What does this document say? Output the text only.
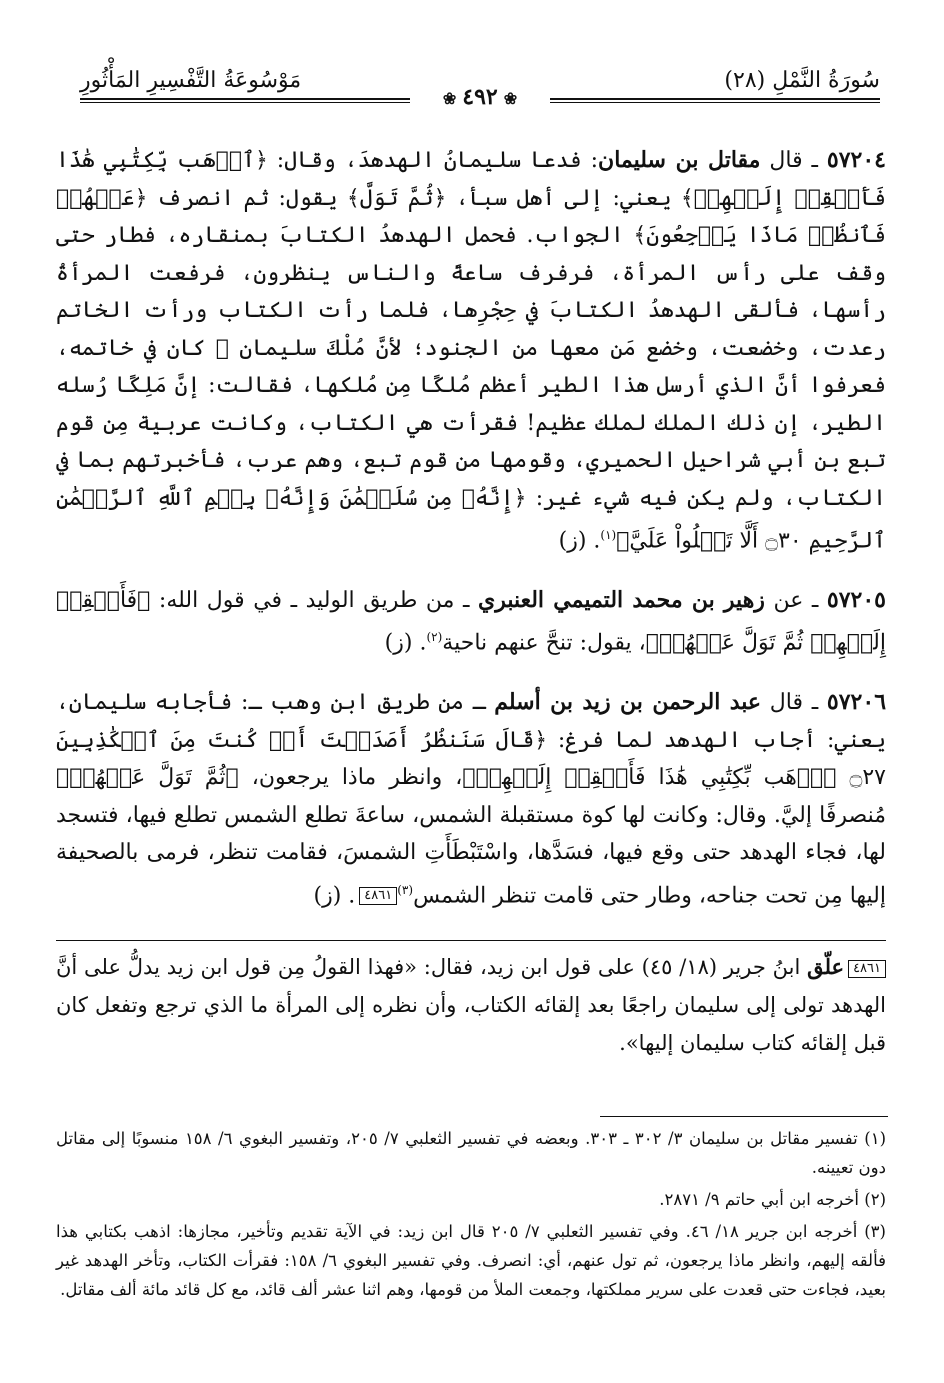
سُورَةُ النَّمْلِ (٢٨)
مَوْسُوعَةُ التَّفْسِيرِ المَأْثُورِ
❀٤٩٢❀

٥٧٢٠٤ ـ قال مقاتل بن سليمان: فدعا سليمانُ الهدهدَ، وقال: ﴿ٱذۡهَب بِّكِتَٰبِي هَٰذَا فَأَلۡقِهۡ إِلَيۡهِمۡ﴾ يعني: إلى أهل سبأ، ﴿ثُمَّ تَوَلَّ﴾ يقول: ثم انصرف ﴿عَنۡهُمۡ فَٱنظُرۡ مَاذَا يَرۡجِعُونَ﴾ الجواب. فحمل الهدهدُ الكتابَ بمنقاره، فطار حتى وقف على رأس المرأة، فرفرف ساعةً والناس ينظرون، فرفعت المرأةُ رأسها، فألقى الهدهدُ الكتابَ في حِجْرِها، فلما رأت الكتاب ورأت الخاتم رعدت، وخضعت، وخضع مَن معها من الجنود؛ لأنَّ مُلْكَ سليمان ﷺ كان في خاتمه، فعرفوا أنَّ الذي أرسل هذا الطير أعظم مُلكًا مِن مُلكها، فقالت: إنَّ مَلِكًا رُسله الطير، إن ذلك الملك لملك عظيم! فقرأت هي الكتاب، وكانت عربية مِن قوم تبع بن أبي شراحيل الحميري، وقومها من قوم تبع، وهم عرب، فأخبرتهم بما في الكتاب، ولم يكن فيه شيء غير: ﴿إِنَّهُۥ مِن سُلَيۡمَٰنَ وَإِنَّهُۥ بِسۡمِ ٱللَّهِ ٱلرَّحۡمَٰنِ ٱلرَّحِيمِ ۝٣٠ أَلَّا تَعۡلُواْ عَلَيَّ﴾$^{(١)}$. (ز)

٥٧٢٠٥ ـ عن زهير بن محمد التميمي العنبري ـ من طريق الوليد ـ في قول الله: ﴿فَأَلۡقِهۡ إِلَيۡهِمۡ ثُمَّ تَوَلَّ عَنۡهُمۡ﴾، يقول: تنحَّ عنهم ناحية$^{(٢)}$. (ز)

٥٧٢٠٦ ـ قال عبد الرحمن بن زيد بن أسلم ـ من طريق ابن وهب ـ: فأجابه سليمان، يعني: أجاب الهدهد لما فرغ: ﴿قَالَ سَنَنظُرُ أَصَدَقۡتَ أَمۡ كُنتَ مِنَ ٱلۡكَٰذِبِينَ ۝٢٧ ٱذۡهَب بِّكِتَٰبِي هَٰذَا فَأَلۡقِهۡ إِلَيۡهِمۡ﴾، وانظر ماذا يرجعون، ﴿ثُمَّ تَوَلَّ عَنۡهُمۡ﴾ مُنصرفًا إليَّ. وقال: وكانت لها كوة مستقبلة الشمس، ساعةَ تطلع الشمس تطلع فيها، فتسجد لها، فجاء الهدهد حتى وقع فيها، فسَدَّها، واسْتَبْطَأَتِ الشمسَ، فقامت تنظر، فرمى بالصحيفة إليها مِن تحت جناحه، وطار حتى قامت تنظر الشمس$^{(٣)}$٤٨٦١. (ز)

٤٨٦١علّق ابنُ جرير (١٨/ ٤٥) على قول ابن زيد، فقال: «فهذا القولُ مِن قول ابن زيد يدلُّ على أنَّ الهدهد تولى إلى سليمان راجعًا بعد إلقائه الكتاب، وأن نظره إلى المرأة ما الذي ترجع وتفعل كان قبل إلقائه كتاب سليمان إليها».
(١) تفسير مقاتل بن سليمان ٣/ ٣٠٢ ـ ٣٠٣. وبعضه في تفسير الثعلبي ٧/ ٢٠٥، وتفسير البغوي ٦/ ١٥٨ منسوبًا إلى مقاتل دون تعيينه.
(٢) أخرجه ابن أبي حاتم ٩/ ٢٨٧١.
(٣) أخرجه ابن جرير ١٨/ ٤٦. وفي تفسير الثعلبي ٧/ ٢٠٥ قال ابن زيد: في الآية تقديم وتأخير، مجازها: اذهب بكتابي هذا فألقه إليهم، وانظر ماذا يرجعون، ثم تول عنهم، أي: انصرف. وفي تفسير البغوي ٦/ ١٥٨: فقرأت الكتاب، وتأخر الهدهد غير بعيد، فجاءت حتى قعدت على سرير مملكتها، وجمعت الملأ من قومها، وهم اثنا عشر ألف قائد، مع كل قائد مائة ألف مقاتل.
